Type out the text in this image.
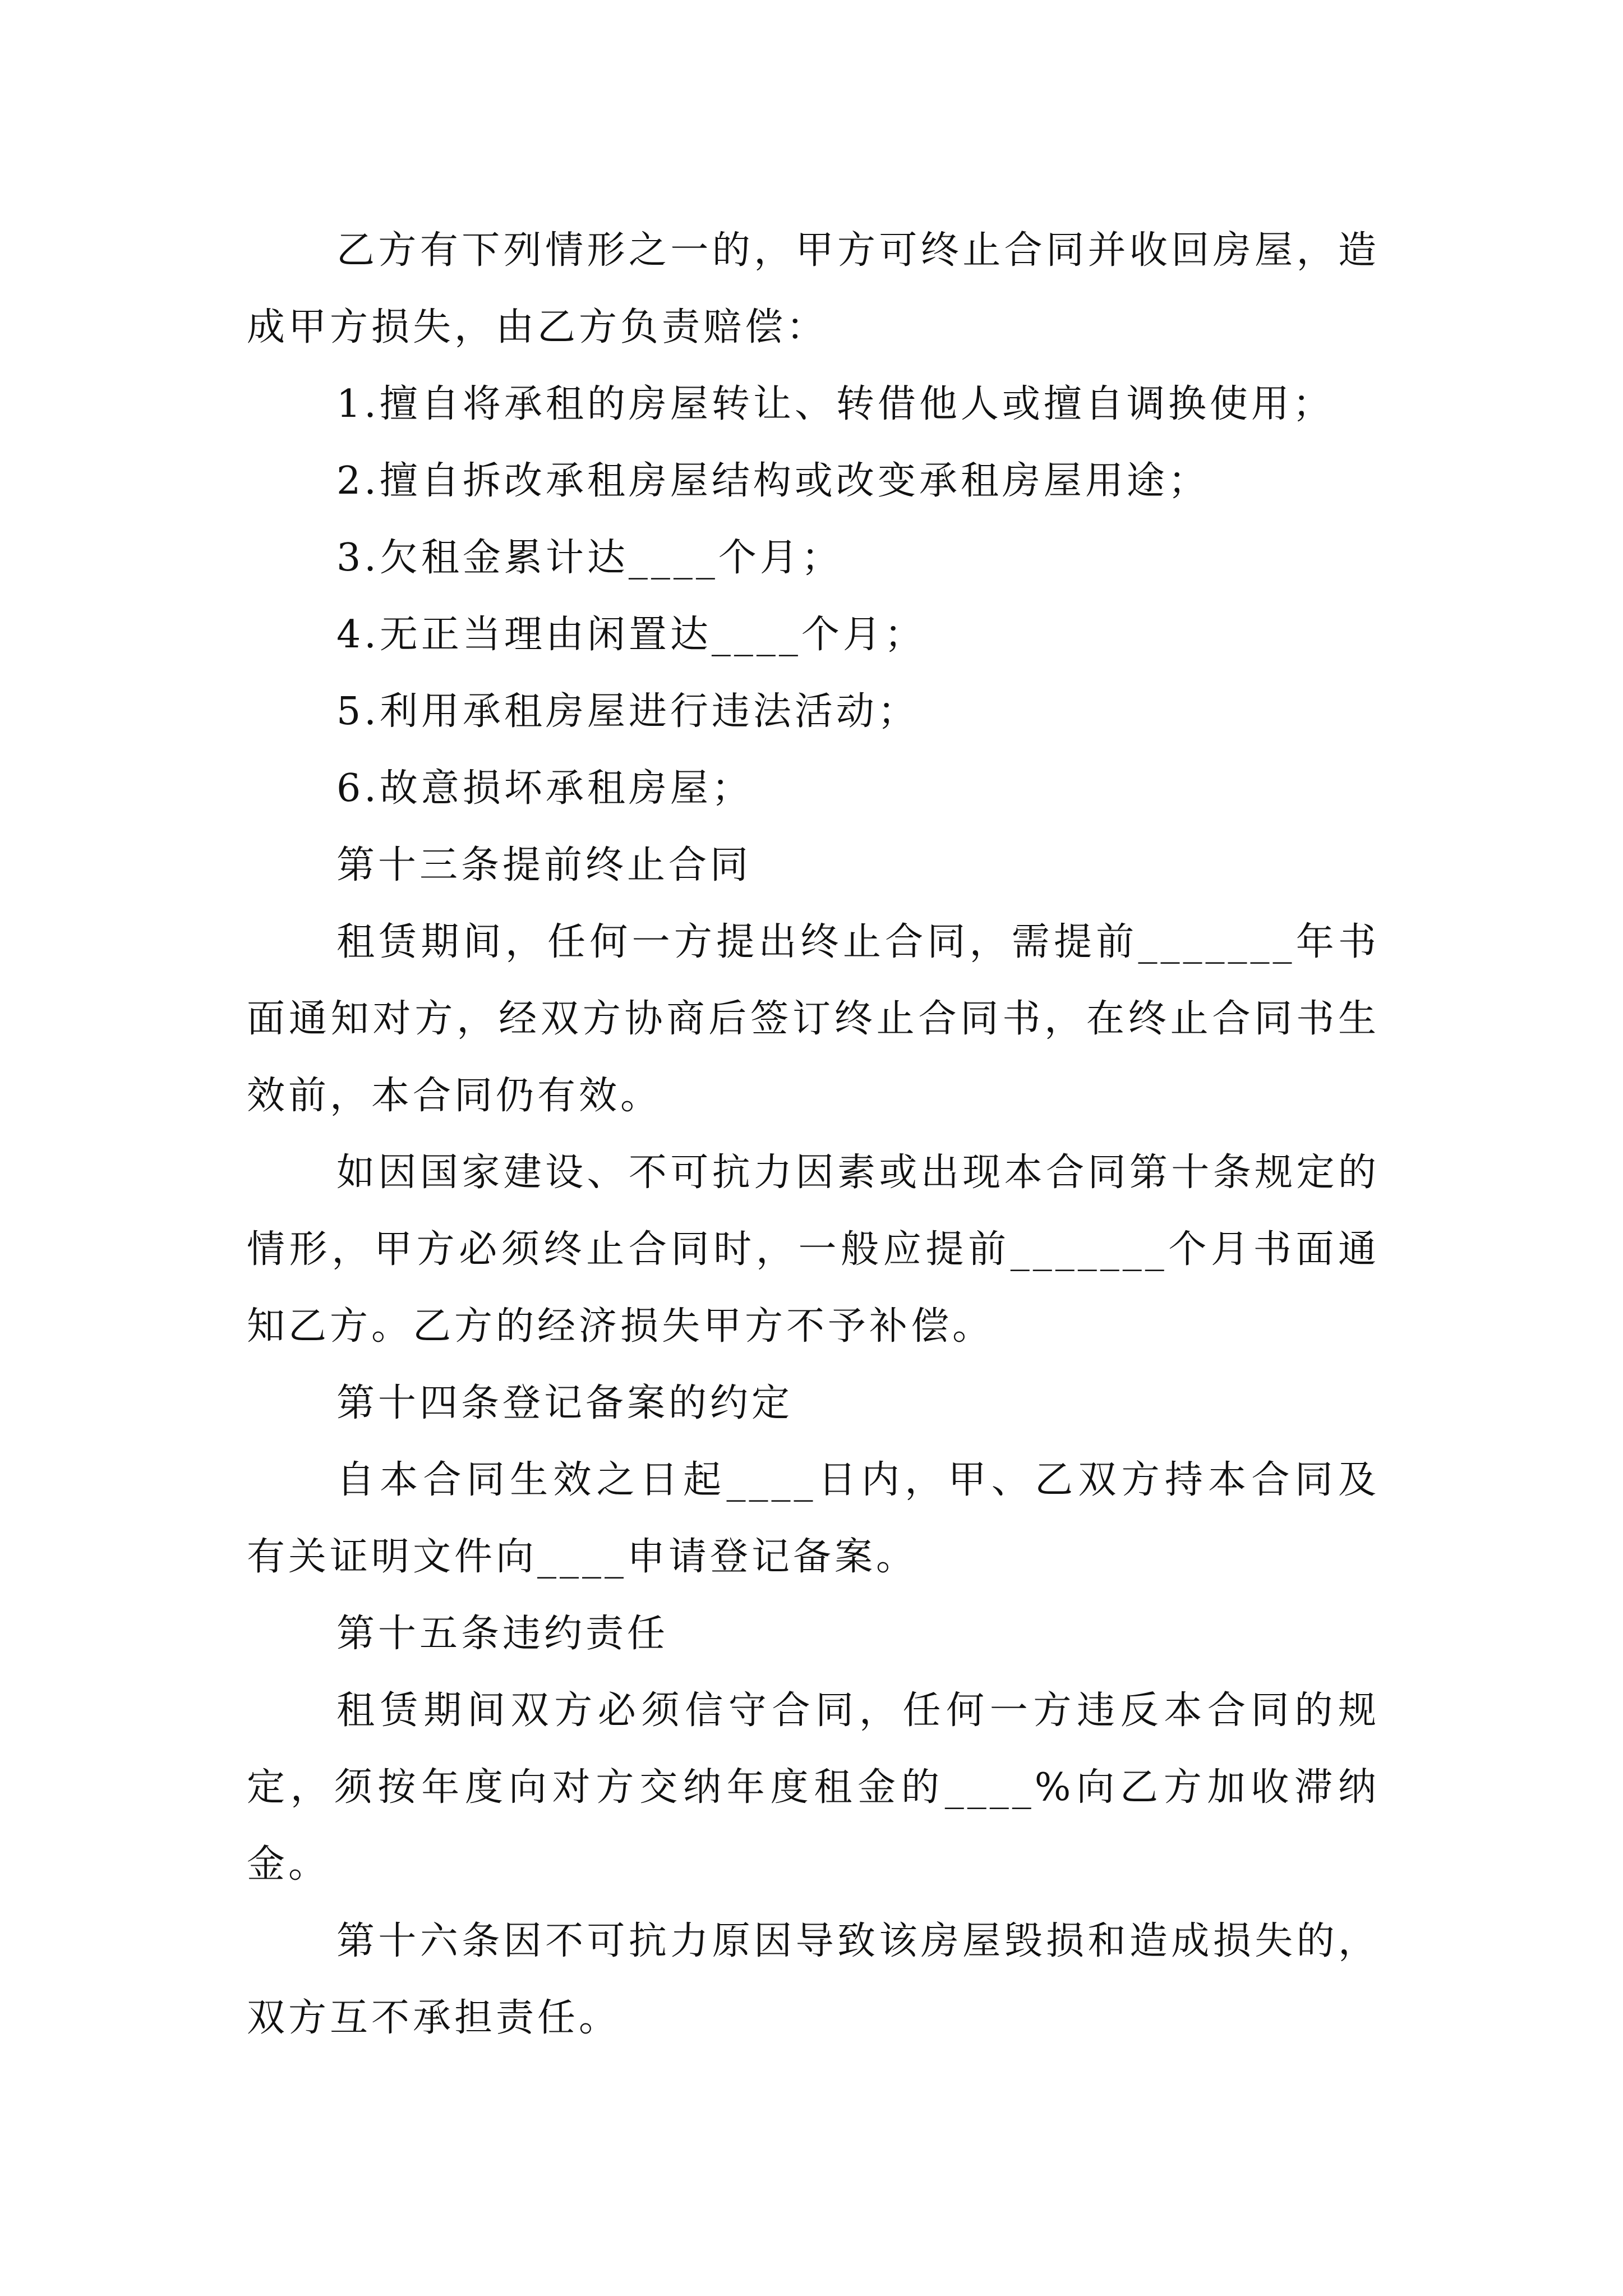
乙方有下列情形之一的，甲方可终止合同并收回房屋，造成甲方损失，由乙方负责赔偿：

1.擅自将承租的房屋转让、转借他人或擅自调换使用；

2.擅自拆改承租房屋结构或改变承租房屋用途；

3.欠租金累计达____个月；

4.无正当理由闲置达____个月；

5.利用承租房屋进行违法活动；

6.故意损坏承租房屋；

第十三条提前终止合同

租赁期间，任何一方提出终止合同，需提前_______年书面通知对方，经双方协商后签订终止合同书，在终止合同书生效前，本合同仍有效。

如因国家建设、不可抗力因素或出现本合同第十条规定的情形，甲方必须终止合同时，一般应提前_______个月书面通知乙方。乙方的经济损失甲方不予补偿。

第十四条登记备案的约定

自本合同生效之日起____日内，甲、乙双方持本合同及有关证明文件向____申请登记备案。

第十五条违约责任

租赁期间双方必须信守合同，任何一方违反本合同的规定，须按年度向对方交纳年度租金的____%向乙方加收滞纳金。

第十六条因不可抗力原因导致该房屋毁损和造成损失的，双方互不承担责任。
